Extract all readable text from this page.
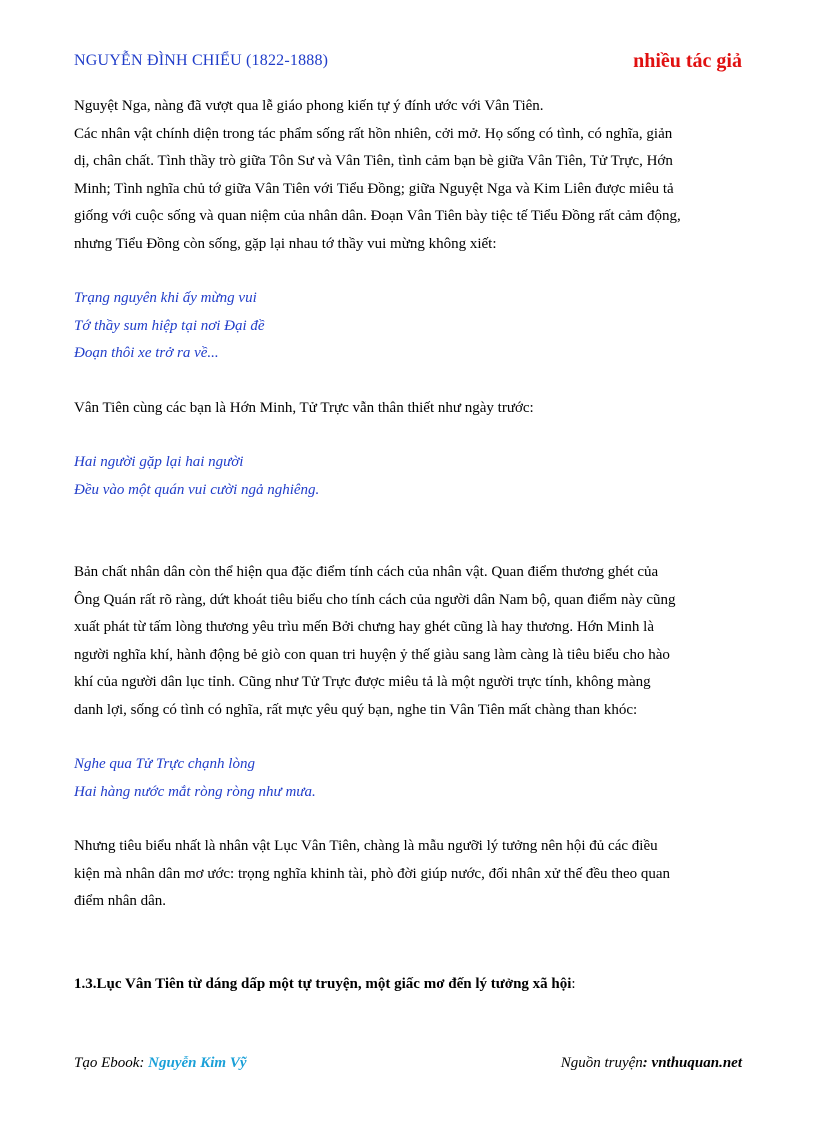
NGUYỄN ĐÌNH CHIỂU (1822-1888)	nhiều tác giả

Nguyệt Nga, nàng đã vượt qua lễ giáo phong kiến tự ý đính ước với Vân Tiên.
Các nhân vật chính diện trong tác phẩm sống rất hồn nhiên, cởi mở. Họ sống có tình, có nghĩa, giản
dị, chân chất. Tình thầy trò giữa Tôn Sư và Vân Tiên, tình cảm bạn bè giữa Vân Tiên, Tử Trực, Hớn
Minh; Tình nghĩa chủ tớ giữa Vân Tiên với Tiểu Đồng; giữa Nguyệt Nga và Kim Liên được miêu tả
giống với cuộc sống và quan niệm của nhân dân. Đoạn Vân Tiên bày tiệc tế Tiểu Đồng rất cảm động,
nhưng Tiểu Đồng còn sống, gặp lại nhau tớ thầy vui mừng không xiết:

Trạng nguyên khi ấy mừng vui
Tớ thầy sum hiệp tại nơi Đại đề
Đoạn thôi xe trở ra về...

Vân Tiên cùng các bạn là Hớn Minh, Tử Trực vẫn thân thiết như ngày trước:

Hai người gặp lại hai người
Đều vào một quán vui cười ngả nghiêng.

Bản chất nhân dân còn thể hiện qua đặc điểm tính cách của nhân vật. Quan điểm thương ghét của
Ông Quán rất rõ ràng, dứt khoát tiêu biểu cho tính cách của người dân Nam bộ, quan điểm này cũng
xuất phát từ tấm lòng thương yêu trìu mến Bởi chưng hay ghét cũng là hay thương. Hớn Minh là
người nghĩa khí, hành động bẻ giò con quan tri huyện ỷ thế giàu sang làm càng là tiêu biểu cho hào
khí của người dân lục tỉnh. Cũng như Tử Trực được miêu tả là một người trực tính, không màng
danh lợi, sống có tình có nghĩa, rất mực yêu quý bạn, nghe tin Vân Tiên mất chàng than khóc:

Nghe qua Tử Trực chạnh lòng
Hai hàng nước mắt ròng ròng như mưa.

Nhưng tiêu biểu nhất là nhân vật Lục Vân Tiên, chàng là mẫu ngưỡi lý tưởng nên hội đủ các điều
kiện mà nhân dân mơ ước: trọng nghĩa khinh tài, phò đời giúp nước, đối nhân xử thế đều theo quan
điểm nhân dân.

1.3.Lục Vân Tiên từ dáng dấp một tự truyện, một giấc mơ đến lý tưởng xã hội:

Tạo Ebook: Nguyễn Kim Vỹ	Nguồn truyện: vnthuquan.net
